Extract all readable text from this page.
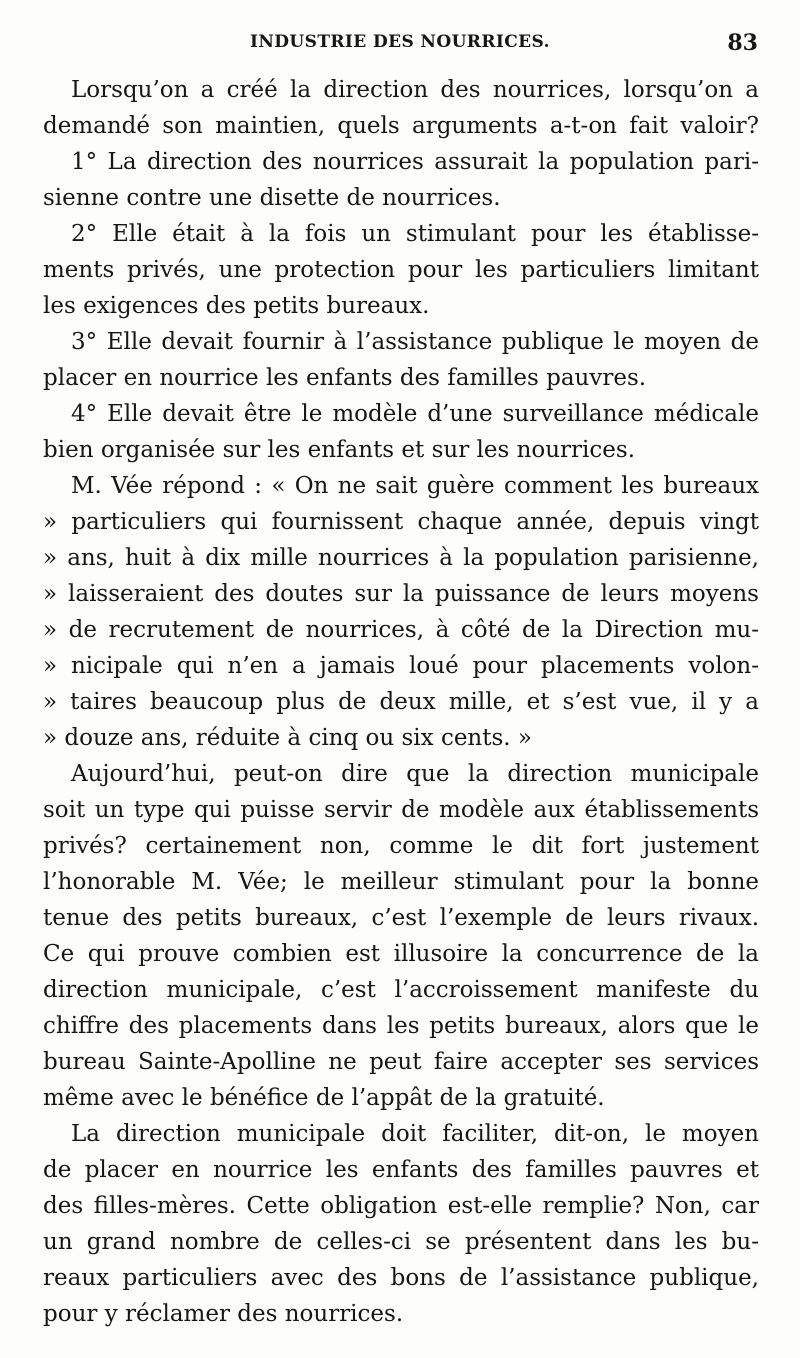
INDUSTRIE DES NOURRICES.	83
Lorsqu’on a créé la direction des nourrices, lorsqu’on a
demandé son maintien, quels arguments a-t-on fait valoir?
1° La direction des nourrices assurait la population pari-
sienne contre une disette de nourrices.
2° Elle était à la fois un stimulant pour les établisse-
ments privés, une protection pour les particuliers limitant
les exigences des petits bureaux.
3° Elle devait fournir à l’assistance publique le moyen de
placer en nourrice les enfants des familles pauvres.
4° Elle devait être le modèle d’une surveillance médicale
bien organisée sur les enfants et sur les nourrices.
M. Vée répond : « On ne sait guère comment les bureaux
» particuliers qui fournissent chaque année, depuis vingt
» ans, huit à dix mille nourrices à la population parisienne,
» laisseraient des doutes sur la puissance de leurs moyens
» de recrutement de nourrices, à côté de la Direction mu-
» nicipale qui n’en a jamais loué pour placements volon-
» taires beaucoup plus de deux mille, et s’est vue, il y a
» douze ans, réduite à cinq ou six cents. »
Aujourd’hui, peut-on dire que la direction municipale
soit un type qui puisse servir de modèle aux établissements
privés? certainement non, comme le dit fort justement
l’honorable M. Vée; le meilleur stimulant pour la bonne
tenue des petits bureaux, c’est l’exemple de leurs rivaux.
Ce qui prouve combien est illusoire la concurrence de la
direction municipale, c’est l’accroissement manifeste du
chiffre des placements dans les petits bureaux, alors que le
bureau Sainte-Apolline ne peut faire accepter ses services
même avec le bénéfice de l’appât de la gratuité.
La direction municipale doit faciliter, dit-on, le moyen
de placer en nourrice les enfants des familles pauvres et
des filles-mères. Cette obligation est-elle remplie? Non, car
un grand nombre de celles-ci se présentent dans les bu-
reaux particuliers avec des bons de l’assistance publique,
pour y réclamer des nourrices.
